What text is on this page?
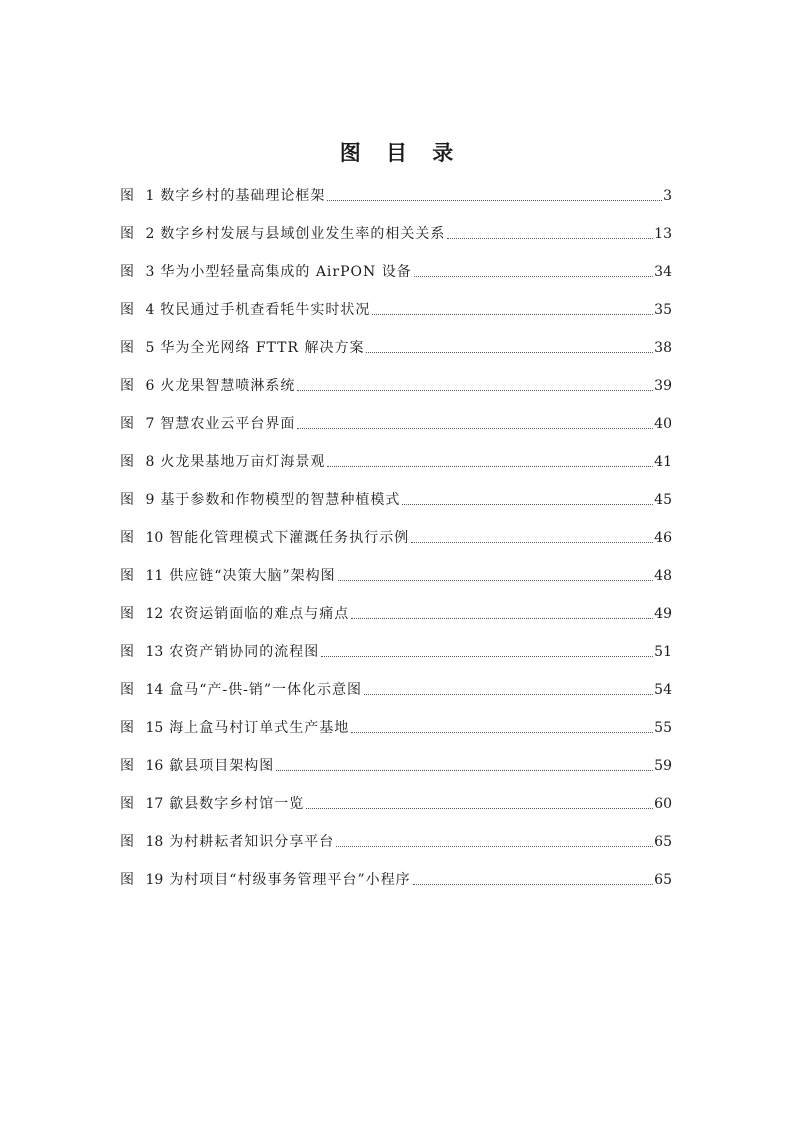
图 目 录
图 1 数字乡村的基础理论框架	3
图 2 数字乡村发展与县域创业发生率的相关关系	13
图 3 华为小型轻量高集成的 AirPON 设备	34
图 4 牧民通过手机查看牦牛实时状况	35
图 5 华为全光网络 FTTR 解决方案	38
图 6 火龙果智慧喷淋系统	39
图 7 智慧农业云平台界面	40
图 8 火龙果基地万亩灯海景观	41
图 9 基于参数和作物模型的智慧种植模式	45
图 10 智能化管理模式下灌溉任务执行示例	46
图 11 供应链“决策大脑”架构图	48
图 12 农资运销面临的难点与痛点	49
图 13 农资产销协同的流程图	51
图 14 盒马“产-供-销”一体化示意图	54
图 15 海上盒马村订单式生产基地	55
图 16 歙县项目架构图	59
图 17 歙县数字乡村馆一览	60
图 18 为村耕耘者知识分享平台	65
图 19 为村项目“村级事务管理平台”小程序	65
